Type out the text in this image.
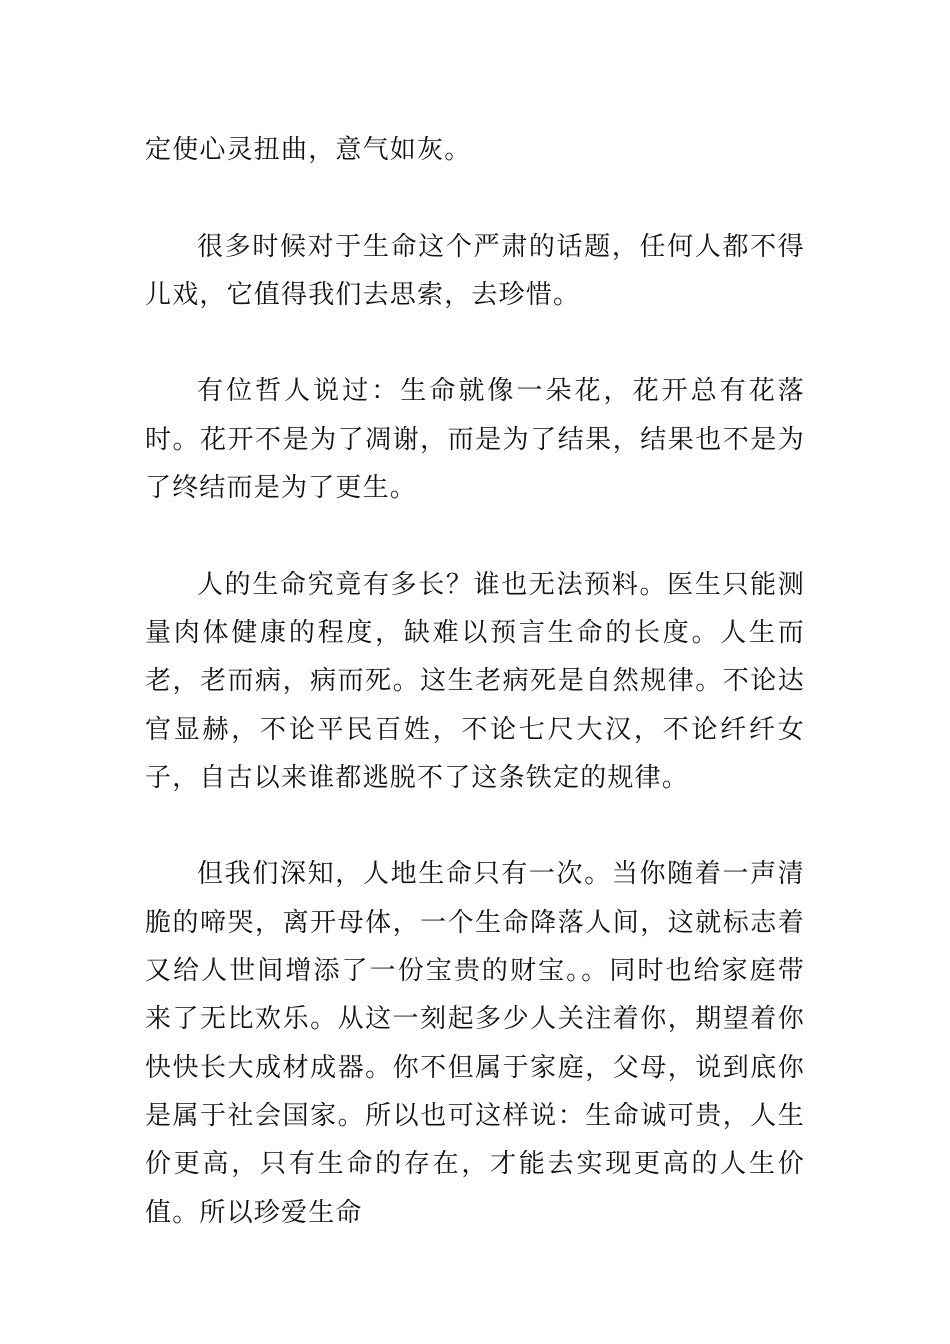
定使心灵扭曲，意气如灰。

很多时候对于生命这个严肃的话题，任何人都不得儿戏，它值得我们去思索，去珍惜。

有位哲人说过：生命就像一朵花，花开总有花落时。花开不是为了凋谢，而是为了结果，结果也不是为了终结而是为了更生。

人的生命究竟有多长？谁也无法预料。医生只能测量肉体健康的程度，缺难以预言生命的长度。人生而老，老而病，病而死。这生老病死是自然规律。不论达官显赫，不论平民百姓，不论七尺大汉，不论纤纤女子，自古以来谁都逃脱不了这条铁定的规律。

但我们深知，人地生命只有一次。当你随着一声清脆的啼哭，离开母体，一个生命降落人间，这就标志着又给人世间增添了一份宝贵的财宝。。同时也给家庭带来了无比欢乐。从这一刻起多少人关注着你，期望着你快快长大成材成器。你不但属于家庭，父母，说到底你是属于社会国家。所以也可这样说：生命诚可贵，人生价更高，只有生命的存在，才能去实现更高的人生价值。所以珍爱生命
